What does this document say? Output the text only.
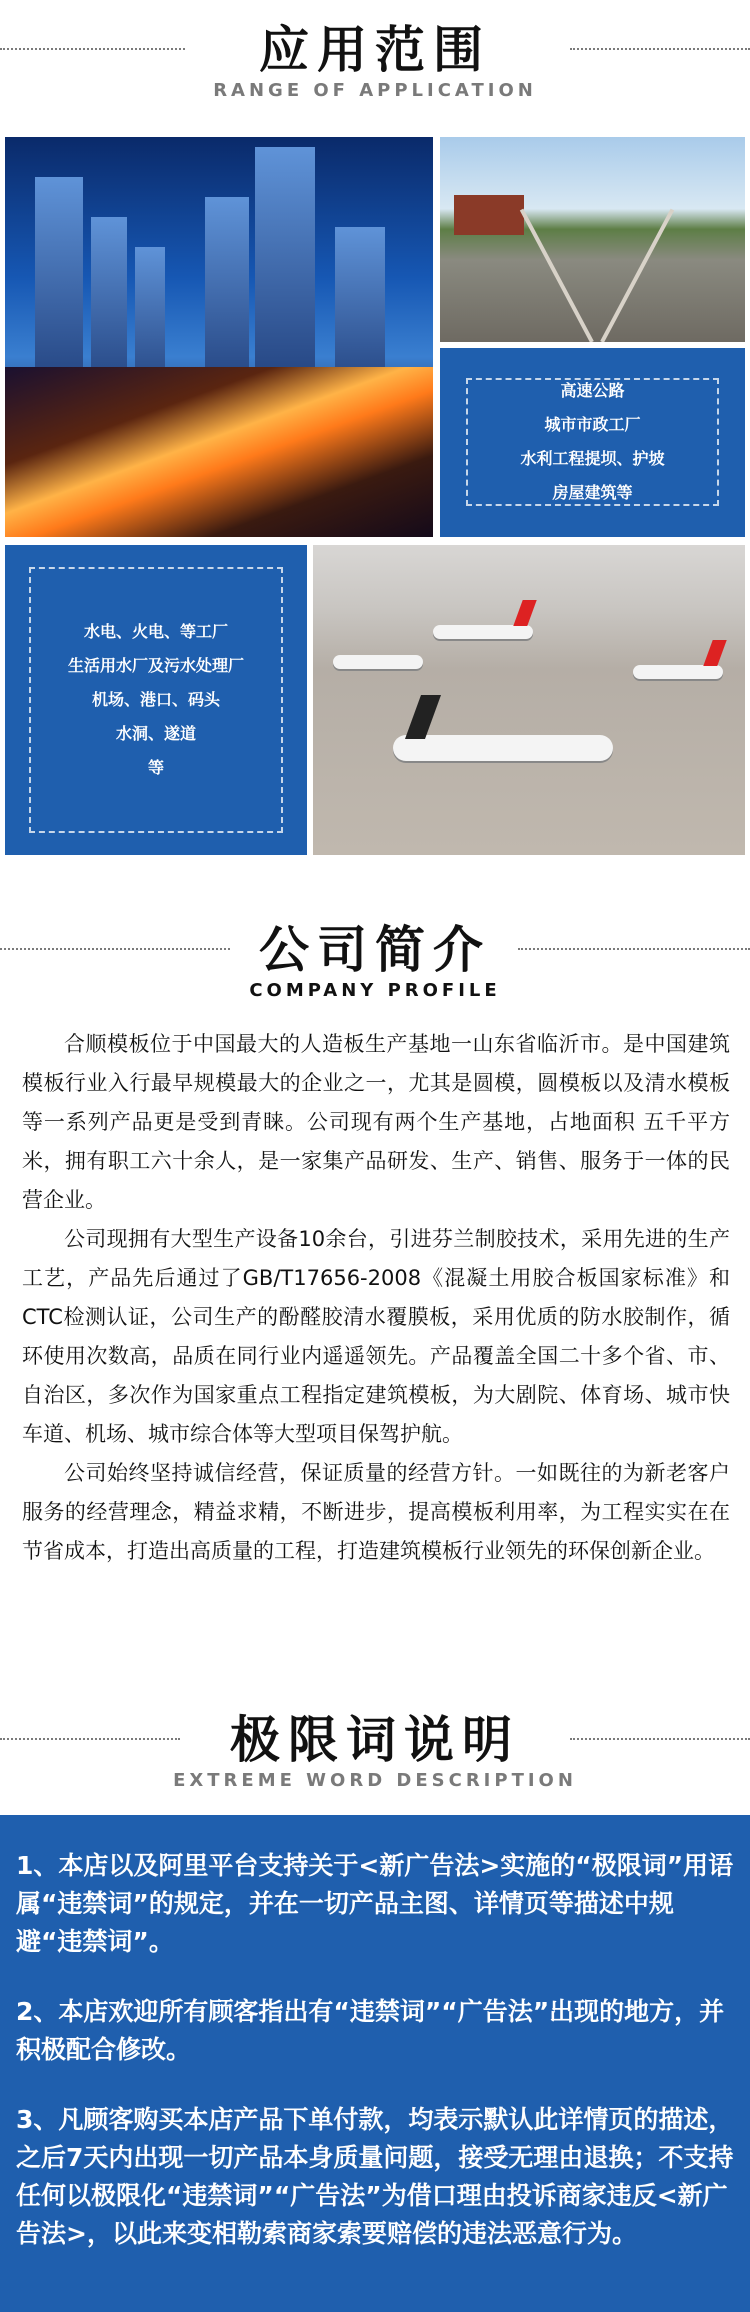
应用范围
RANGE OF APPLICATION
高速公路
城市市政工厂
水利工程提坝、护坡
房屋建筑等
水电、火电、等工厂
生活用水厂及污水处理厂
机场、港口、码头
水洞、遂道
等
公司简介
COMPANY PROFILE

合顺模板位于中国最大的人造板生产基地一山东省临沂市。是中国建筑模板行业入行最早规模最大的企业之一，尤其是圆模，圆模板以及清水模板等一系列产品更是受到青睐。公司现有两个生产基地，占地面积 五千平方米，拥有职工六十余人，是一家集产品研发、生产、销售、服务于一体的民营企业。

公司现拥有大型生产设备10余台，引进芬兰制胶技术，采用先进的生产工艺，产品先后通过了GB/T17656-2008《混凝土用胶合板国家标准》和CTC检测认证，公司生产的酚醛胶清水覆膜板，采用优质的防水胶制作，循环使用次数高，品质在同行业内遥遥领先。产品覆盖全国二十多个省、市、自治区，多次作为国家重点工程指定建筑模板，为大剧院、体育场、城市快车道、机场、城市综合体等大型项目保驾护航。

公司始终坚持诚信经营，保证质量的经营方针。一如既往的为新老客户服务的经营理念，精益求精，不断进步，提高模板利用率，为工程实实在在节省成本，打造出高质量的工程，打造建筑模板行业领先的环保创新企业。

极限词说明
EXTREME WORD DESCRIPTION

1、本店以及阿里平台支持关于<新广告法>实施的“极限词”用语属“违禁词”的规定，并在一切产品主图、详情页等描述中规避“违禁词”。

2、本店欢迎所有顾客指出有“违禁词”“广告法”出现的地方，并积极配合修改。

3、凡顾客购买本店产品下单付款，均表示默认此详情页的描述，之后7天内出现一切产品本身质量问题，接受无理由退换；不支持任何以极限化“违禁词”“广告法”为借口理由投诉商家违反<新广告法>，以此来变相勒索商家索要赔偿的违法恶意行为。
